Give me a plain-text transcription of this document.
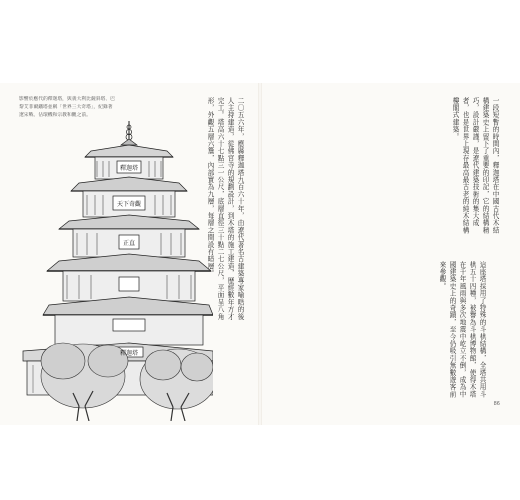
影響於應代的釋迦塔，與義大利比薩斜塔、巴
黎艾菲爾鐵塔並稱「世界三大奇塔」，紀錄著
遼宋戰、佔環機和宗教和觀之前。
釋迦塔
天下奇觀
正直
釋迦塔
二〇五六年，應縣釋迦塔九百六十年，由遼代著名古建築專家喻晧的後人主持建造，從佛宮寺的規劃設計，到木塔的施工建造，歷經數年方才完工。塔高六十七點三一公尺，底層直徑三十點二七公尺，平面呈八角形，外觀五層六簷，內部實為九層，每層之間設有暗層。	一段短暫的時間內，釋迦塔在中國古代木結構建築史上留下了重要的印記，它的結構精巧，設計嚴謹，是遼代建築技術的集大成者，也是世界上現存最高最古老的純木結構樓閣式建築。
這座塔採用了特殊的斗栱結構，全塔共用斗栱五十四種，被譽為斗栱博物館，使得木塔在千年風雨與多次地震中屹立不倒，成為中國建築史上的奇蹟，至今仍吸引無數遊客前來參觀。
86
